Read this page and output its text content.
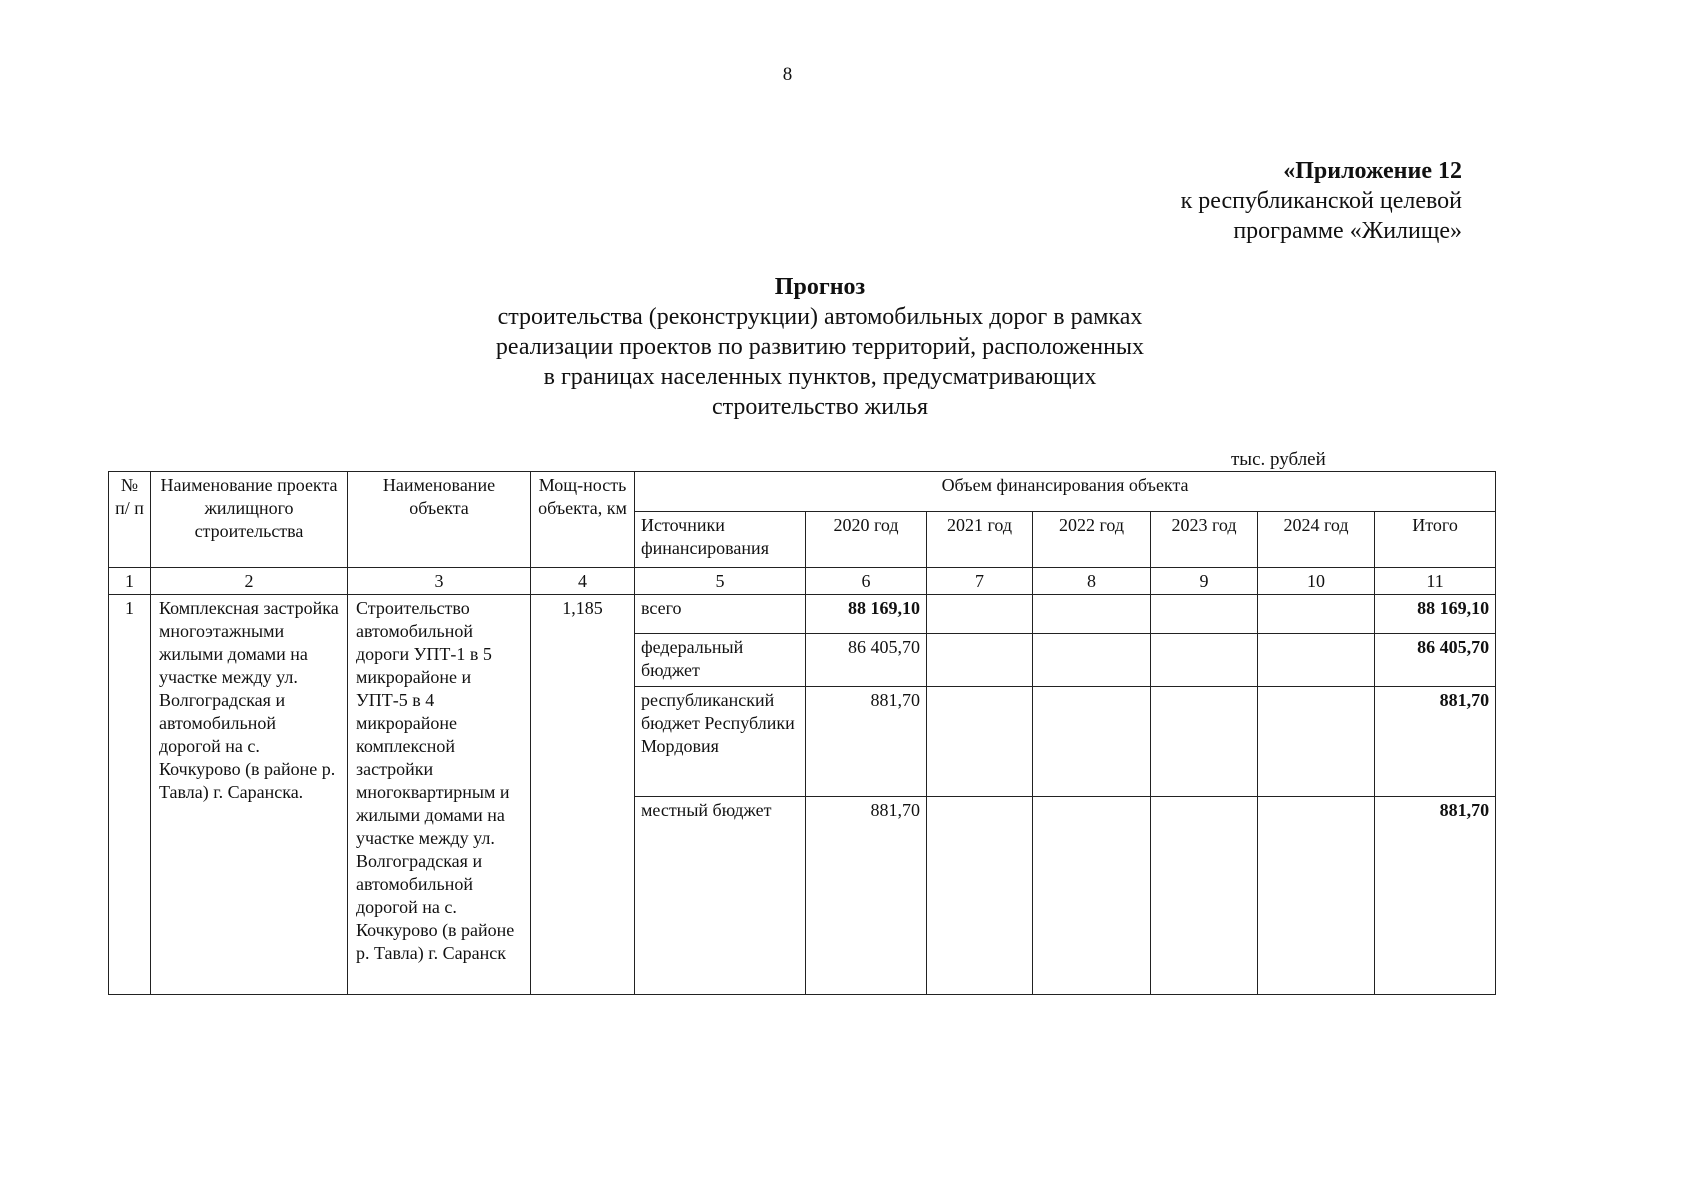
8
«Приложение 12
к республиканской целевой
программе «Жилище»
Прогноз
строительства (реконструкции) автомобильных дорог в рамках
реализации проектов по развитию территорий, расположенных
в границах населенных пунктов, предусматривающих
строительство жилья
тыс. рублей
№ п/ п	Наименование проекта жилищного строительства	Наименование объекта	Мощ-ность объекта, км	Объем финансирования объекта						
				Источники финансирования	2020 год	2021 год	2022 год	2023 год	2024 год	Итого
1	2	3	4	5	6	7	8	9	10	11
1	Комплексная застройка многоэтажными жилыми домами на участке между ул. Волгоградская и автомобильной дорогой на с. Кочкурово (в районе р. Тавла) г. Саранска.	Строительство автомобильной дороги УПТ-1 в 5 микрорайоне и УПТ-5 в 4 микрорайоне комплексной застройки многоквартирным и жилыми домами на участке между ул. Волгоградская и автомобильной дорогой на с. Кочкурово (в районе р. Тавла) г. Саранск	1,185	всего	88 169,10					88 169,10
				федеральный бюджет	86 405,70					86 405,70
				республиканский бюджет Республики Мордовия	881,70					881,70
				местный бюджет	881,70					881,70
